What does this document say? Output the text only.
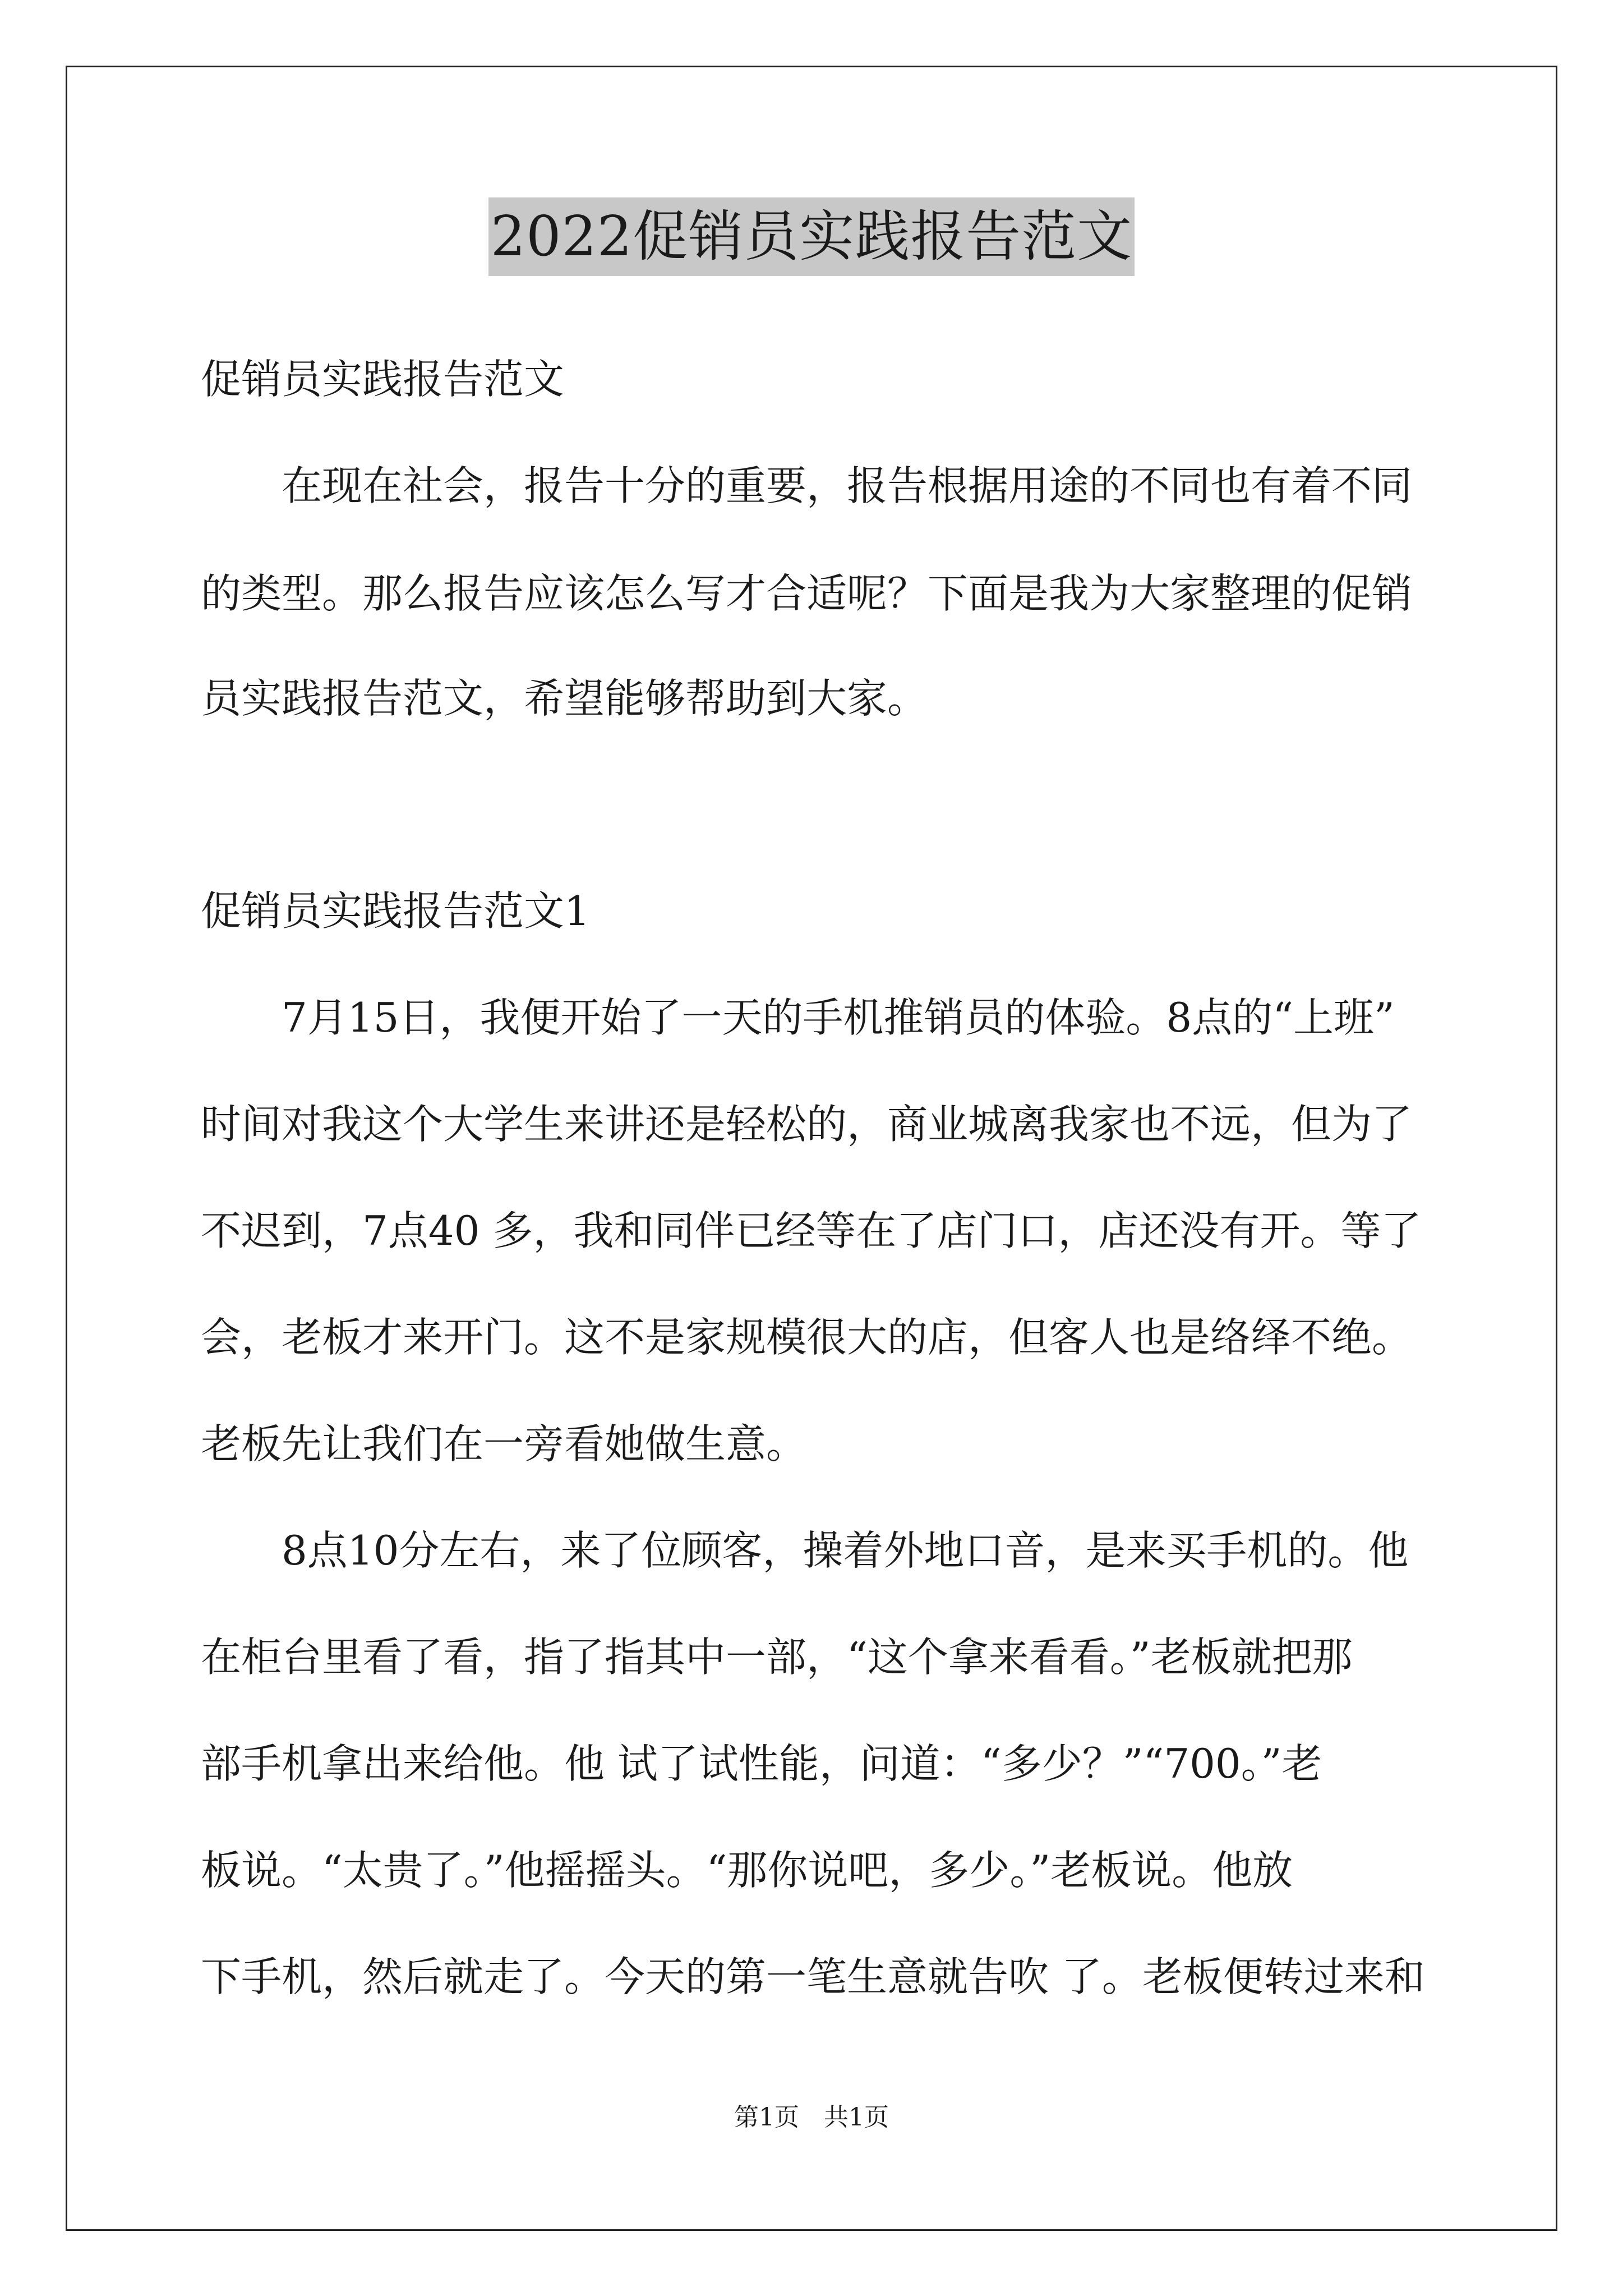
2022促销员实践报告范文
促销员实践报告范文
　　在现在社会，报告十分的重要，报告根据用途的不同也有着不同
的类型。那么报告应该怎么写才合适呢？下面是我为大家整理的促销
员实践报告范文，希望能够帮助到大家。
促销员实践报告范文1
　　7月15日，我便开始了一天的手机推销员的体验。8点的“上班”
时间对我这个大学生来讲还是轻松的，商业城离我家也不远，但为了
不迟到，7点40 多，我和同伴已经等在了店门口，店还没有开。等了
会，老板才来开门。这不是家规模很大的店，但客人也是络绎不绝。
老板先让我们在一旁看她做生意。
　　8点10分左右，来了位顾客，操着外地口音，是来买手机的。他
在柜台里看了看，指了指其中一部，“这个拿来看看。”老板就把那
部手机拿出来给他。他 试了试性能，问道：“多少？”“700。”老
板说。“太贵了。”他摇摇头。“那你说吧，多少。”老板说。他放
下手机，然后就走了。今天的第一笔生意就告吹 了。老板便转过来和
第1页　共1页
